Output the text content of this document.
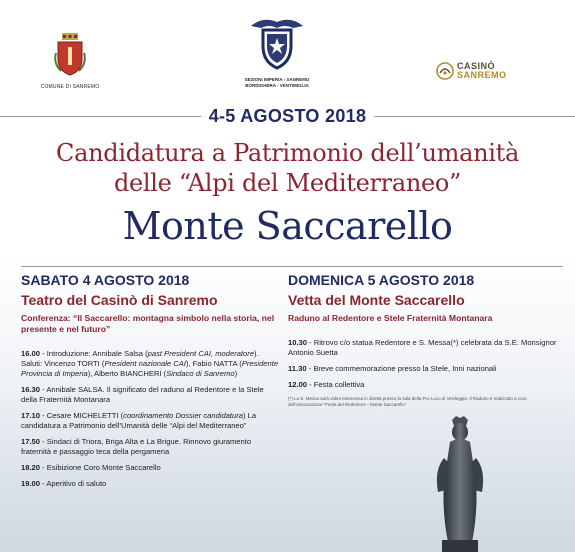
COMUNE DI SANREMO
SEZIONI IMPERIA - SANREMO
BORDIGHERA - VENTIMIGLIA
CASINÒ
SANREMO
4-5 AGOSTO 2018
Candidatura a Patrimonio dell’umanità
delle “Alpi del Mediterraneo”
Monte Saccarello
SABATO 4 AGOSTO 2018
Teatro del Casinò di Sanremo
Conferenza: “Il Saccarello: montagna simbolo nella storia, nel presente e nel futuro”
16.00 - Introduzione: Annibale Salsa (past President CAI, moderatore). Saluti: Vincenzo TORTI (President nazionale CAI), Fabio NATTA (Presidente Provincia di Imperia), Alberto BIANCHERI (Sindaco di Sanremo)
16.30 - Annibale SALSA. Il significato del raduno al Redentore e la Stele della Fraternità Montanara
17.10 - Cesare MICHELETTI (coordinamento Dossier candidatura) La candidatura a Patrimonio dell’Umanità delle “Alpi del Mediterraneo”
17.50 - Sindaci di Triora, Briga Alta e La Brigue. Rinnovo giuramento fraternità e passaggio teca della pergamena
18.20 - Esibizione Coro Monte Saccarello
19.00 - Aperitivo di saluto
DOMENICA 5 AGOSTO 2018
Vetta del Monte Saccarello
Raduno al Redentore e Stele Fraternità Montanara
10.30 - Ritrovo c/o statua Redentore e S. Messa(*) celebrata da S.E. Monsignor Antonio Suetta
11.30 - Breve commemorazione presso la Stele, Inni nazionali
12.00 - Festa collettiva
(*) La S. Messa sarà video trasmessa in diretta presso la sala della Pro Loco di Verdeggia. Il Raduno è realizzato a cura dell’Associazione “Festa del Redentore - Monte Saccarello”
